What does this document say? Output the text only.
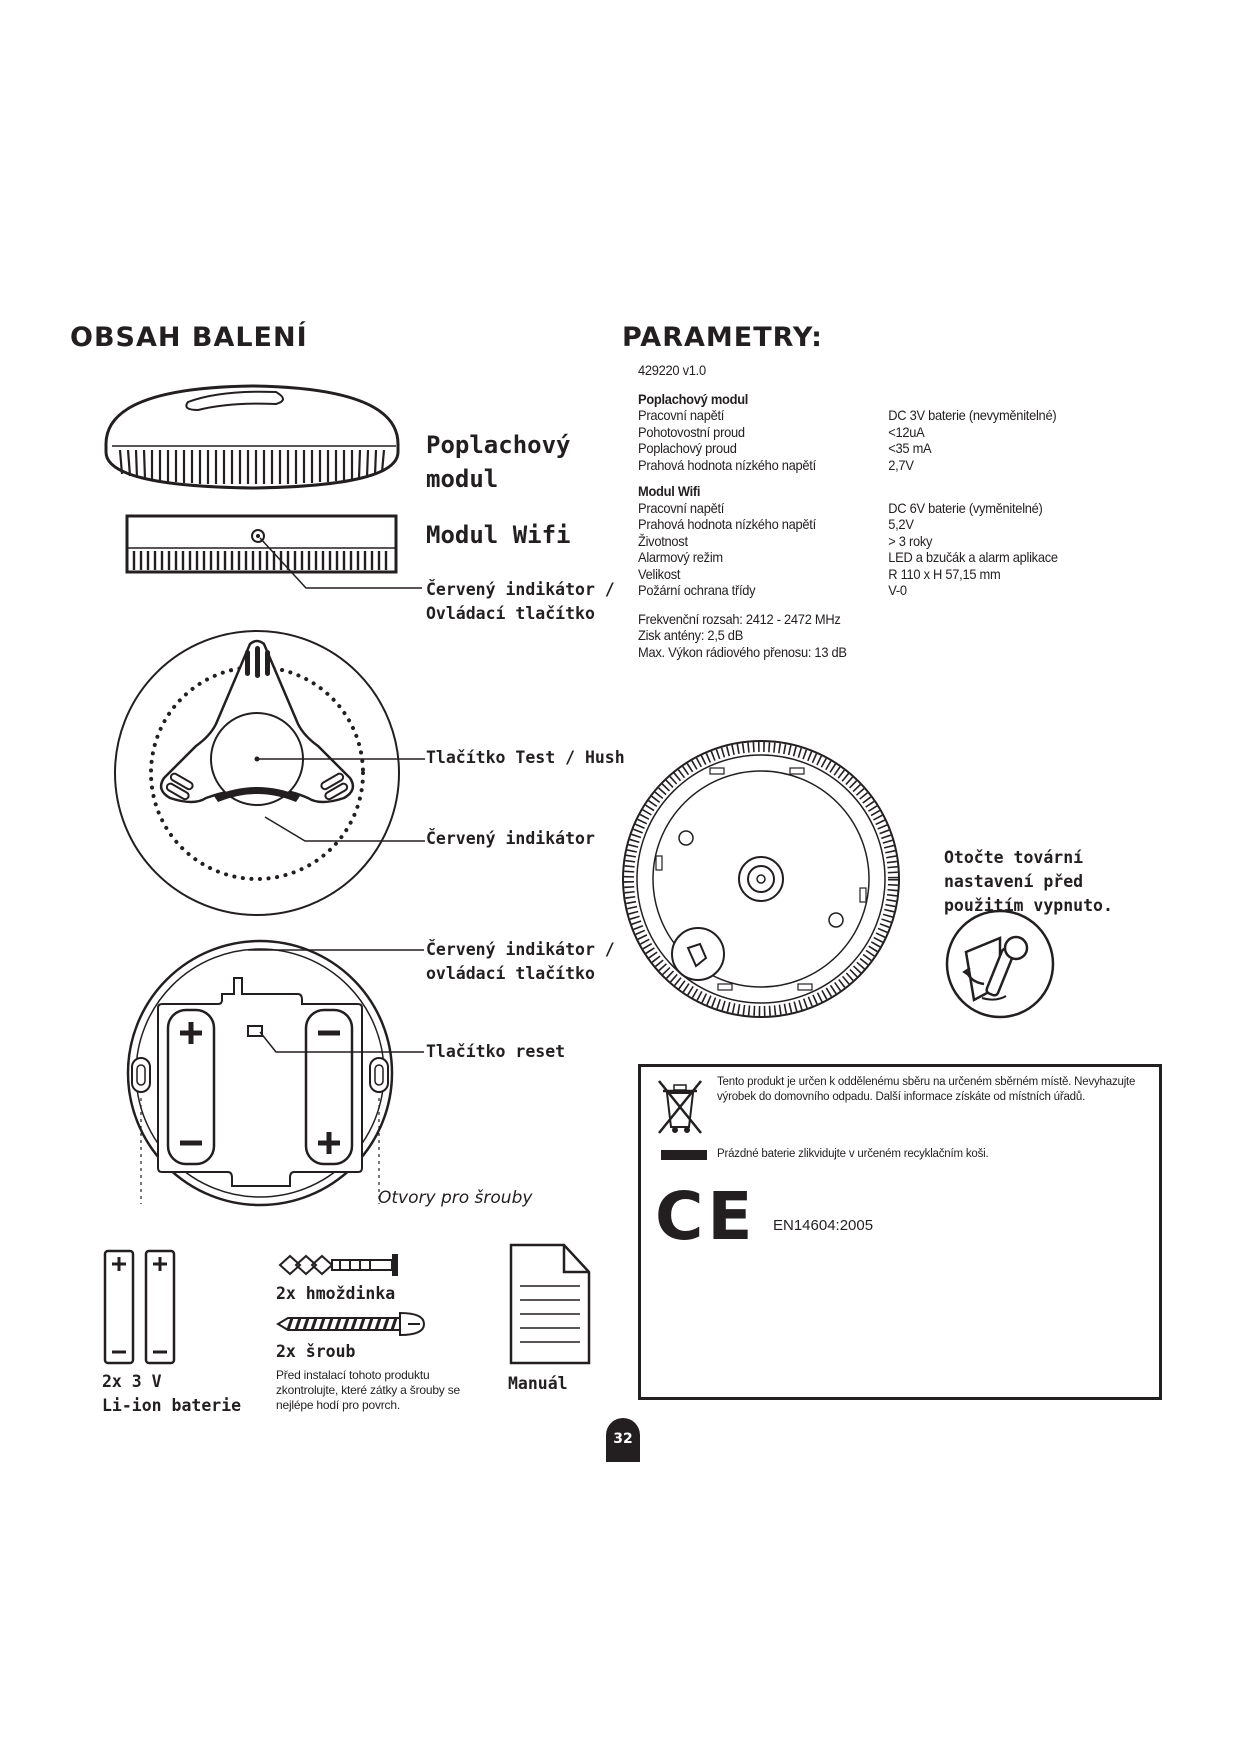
OBSAH BALENÍ
Poplachový modul
Modul Wifi
Červený indikátor / Ovládací tlačítko
Tlačítko Test / Hush
Červený indikátor
Červený indikátor / ovládací tlačítko
Tlačítko reset
Otvory pro šrouby
2x 3 V
Li-ion baterie
2x hmoždinka
2x šroub
Před instalací tohoto produktu zkontrolujte, které zátky a šrouby se nejlépe hodí pro povrch.
Manuál
PARAMETRY:
429220 v1.0
Poplachový modul
Pracovní napětí	DC 3V baterie (nevyměnitelné)
Pohotovostní proud	<12uA
Poplachový proud	<35 mA
Prahová hodnota nízkého napětí	2,7V
Modul Wifi
Pracovní napětí	DC 6V baterie (vyměnitelné)
Prahová hodnota nízkého napětí	5,2V
Životnost	> 3 roky
Alarmový režim	LED a bzučák a alarm aplikace
Velikost	R 110 x H 57,15 mm
Požární ochrana třídy	V-0
Frekvenční rozsah: 2412 - 2472 MHz
Zisk antény: 2,5 dB
Max. Výkon rádiového přenosu: 13 dB
Otočte tovární nastavení před použitím vypnuto.

Tento produkt je určen k oddělenému sběru na určeném sběrném místě. Nevyhazujte výrobek do domovního odpadu. Další informace získáte od místních úřadů.

Prázdné baterie zlikvidujte v určeném recyklačním koši.

CE EN14604:2005
32
